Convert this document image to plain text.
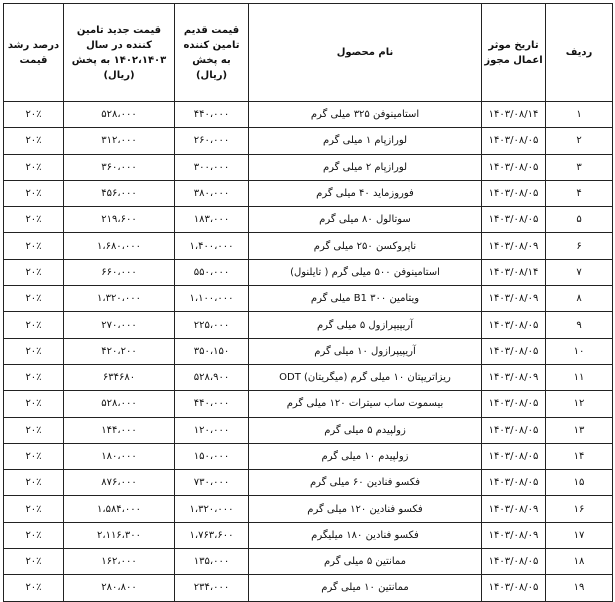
ردیف	تاریخ موثر اعمال مجوز	نام محصول	قیمت قدیم تامین کننده به پخش (ریال)	قیمت جدید تامین کننده در سال ۱۴۰۲،۱۴۰۳ به پخش (ریال)	درصد رشد قیمت
۱	۱۴۰۳/۰۸/۱۴	استامینوفن ۳۲۵ میلی گرم	۴۴۰،۰۰۰	۵۲۸،۰۰۰	۲۰٪
۲	۱۴۰۳/۰۸/۰۵	لورازپام ۱ میلی گرم	۲۶۰،۰۰۰	۳۱۲،۰۰۰	۲۰٪
۳	۱۴۰۳/۰۸/۰۵	لورازپام ۲ میلی گرم	۳۰۰،۰۰۰	۳۶۰،۰۰۰	۲۰٪
۴	۱۴۰۳/۰۸/۰۵	فوروزماید ۴۰ میلی گرم	۳۸۰،۰۰۰	۴۵۶،۰۰۰	۲۰٪
۵	۱۴۰۳/۰۸/۰۵	سوتالول ۸۰ میلی گرم	۱۸۳،۰۰۰	۲۱۹،۶۰۰	۲۰٪
۶	۱۴۰۳/۰۸/۰۹	ناپروکسن ۲۵۰ میلی گرم	۱،۴۰۰،۰۰۰	۱،۶۸۰،۰۰۰	۲۰٪
۷	۱۴۰۳/۰۸/۱۴	استامینوفن ۵۰۰ میلی گرم ( تایلنول)	۵۵۰،۰۰۰	۶۶۰،۰۰۰	۲۰٪
۸	۱۴۰۳/۰۸/۰۹	ویتامین B1 ۳۰۰ میلی گرم	۱،۱۰۰،۰۰۰	۱،۳۲۰،۰۰۰	۲۰٪
۹	۱۴۰۳/۰۸/۰۵	آریپیپرازول ۵ میلی گرم	۲۲۵،۰۰۰	۲۷۰،۰۰۰	۲۰٪
۱۰	۱۴۰۳/۰۸/۰۵	آریپیپرازول ۱۰ میلی گرم	۳۵۰،۱۵۰	۴۲۰،۲۰۰	۲۰٪
۱۱	۱۴۰۳/۰۸/۰۹	ریزاتریپتان ۱۰ میلی گرم (میگریتان) ODT	۵۲۸،۹۰۰	۶۳۴۶۸۰	۲۰٪
۱۲	۱۴۰۳/۰۸/۰۵	بیسموت ساب سیترات ۱۲۰ میلی گرم	۴۴۰،۰۰۰	۵۲۸،۰۰۰	۲۰٪
۱۳	۱۴۰۳/۰۸/۰۵	زولپیدم ۵ میلی گرم	۱۲۰،۰۰۰	۱۴۴،۰۰۰	۲۰٪
۱۴	۱۴۰۳/۰۸/۰۵	زولپیدم ۱۰ میلی گرم	۱۵۰،۰۰۰	۱۸۰،۰۰۰	۲۰٪
۱۵	۱۴۰۳/۰۸/۰۵	فکسو فنادین ۶۰ میلی گرم	۷۳۰،۰۰۰	۸۷۶،۰۰۰	۲۰٪
۱۶	۱۴۰۳/۰۸/۰۹	فکسو فنادین ۱۲۰ میلی گرم	۱،۳۲۰،۰۰۰	۱،۵۸۴،۰۰۰	۲۰٪
۱۷	۱۴۰۳/۰۸/۰۹	فکسو فنادین ۱۸۰ میلیگرم	۱،۷۶۳،۶۰۰	۲،۱۱۶،۳۰۰	۲۰٪
۱۸	۱۴۰۳/۰۸/۰۵	ممانتین ۵ میلی گرم	۱۳۵،۰۰۰	۱۶۲،۰۰۰	۲۰٪
۱۹	۱۴۰۳/۰۸/۰۵	ممانتین ۱۰ میلی گرم	۲۳۴،۰۰۰	۲۸۰،۸۰۰	۲۰٪
